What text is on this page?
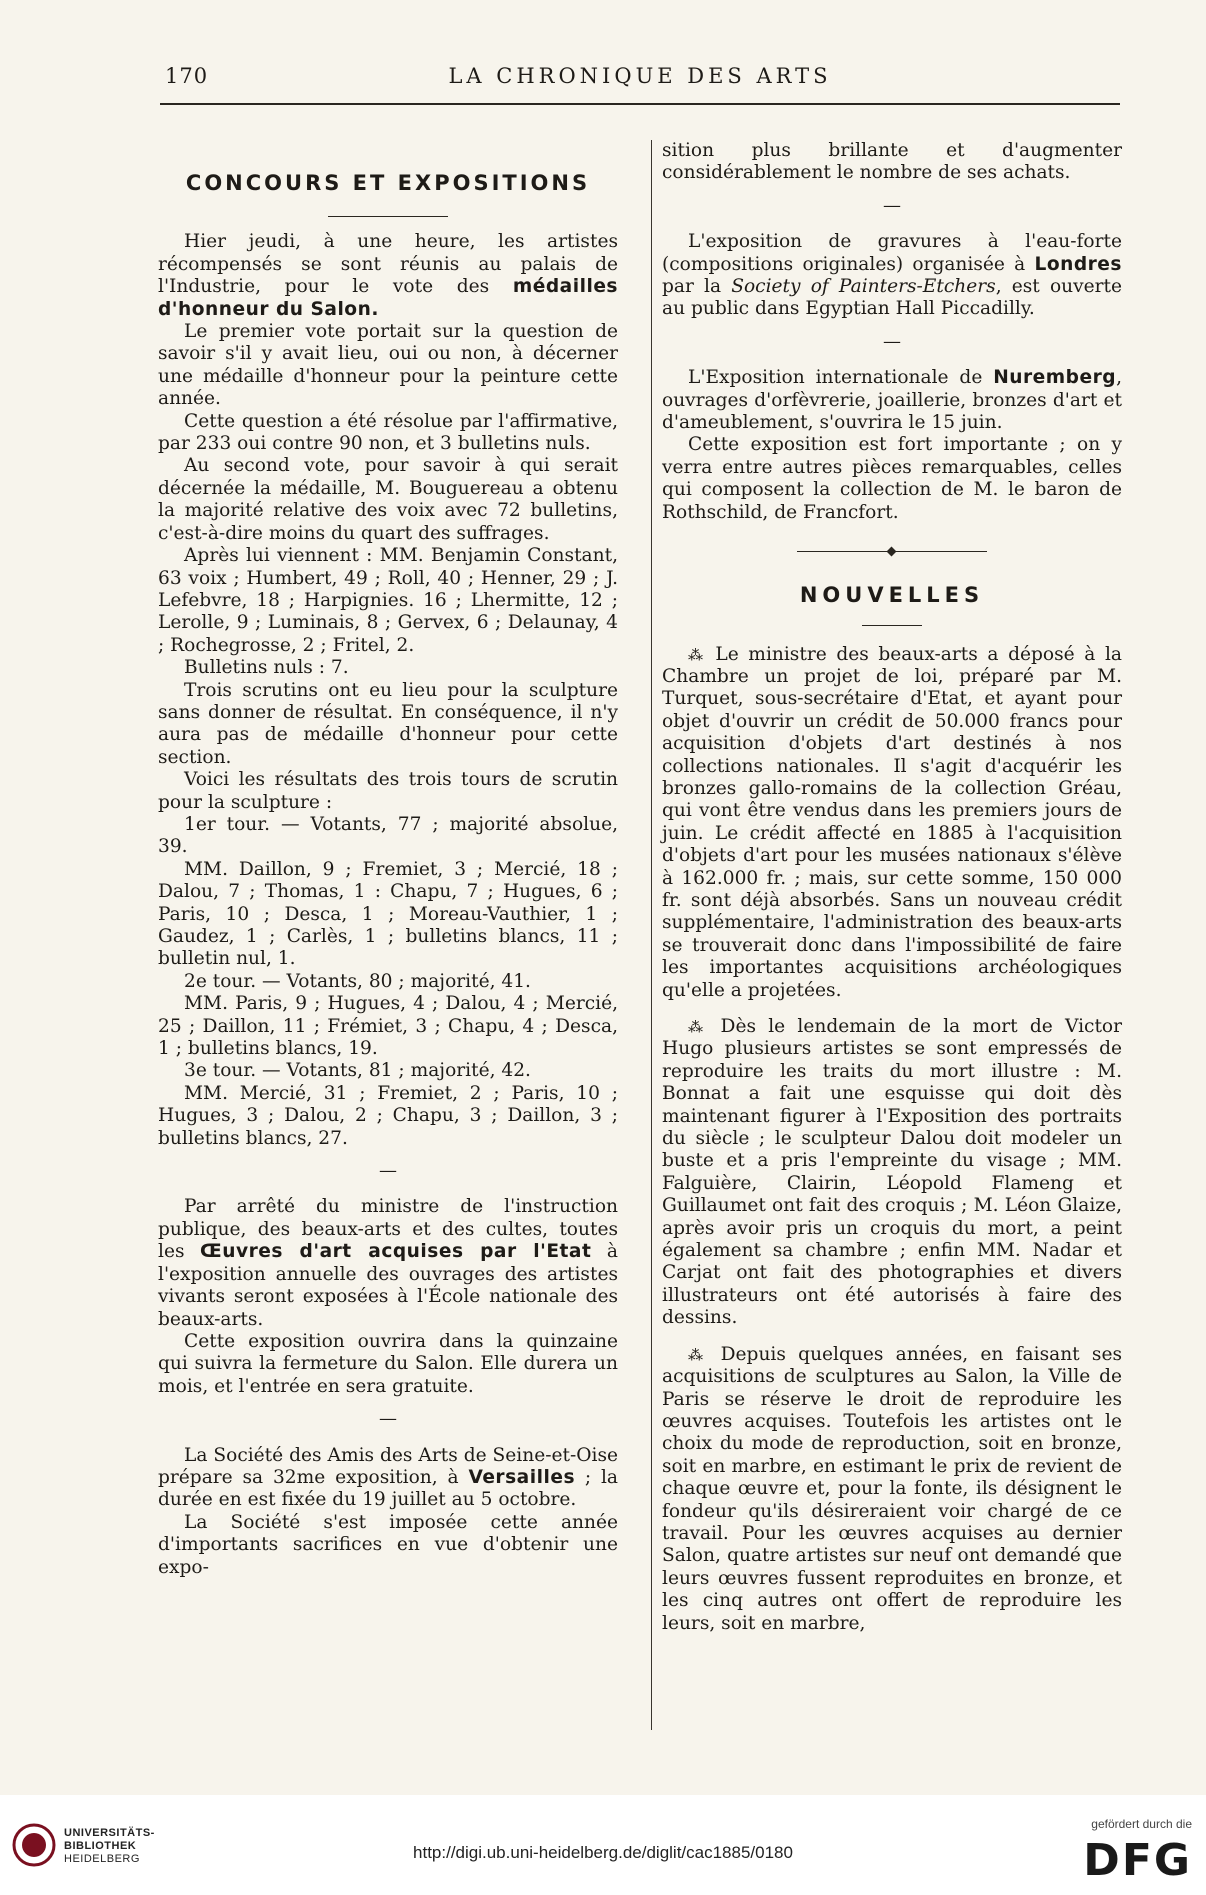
170	LA CHRONIQUE DES ARTS
CONCOURS ET EXPOSITIONS

Hier jeudi, à une heure, les artistes récompensés se sont réunis au palais de l'Industrie, pour le vote des médailles d'honneur du Salon.

Le premier vote portait sur la question de savoir s'il y avait lieu, oui ou non, à décerner une médaille d'honneur pour la peinture cette année.

Cette question a été résolue par l'affirmative, par 233 oui contre 90 non, et 3 bulletins nuls.

Au second vote, pour savoir à qui serait décernée la médaille, M. Bouguereau a obtenu la majorité relative des voix avec 72 bulletins, c'est-à-dire moins du quart des suffrages.

Après lui viennent : MM. Benjamin Constant, 63 voix ; Humbert, 49 ; Roll, 40 ; Henner, 29 ; J. Lefebvre, 18 ; Harpignies. 16 ; Lhermitte, 12 ; Lerolle, 9 ; Luminais, 8 ; Gervex, 6 ; Delaunay, 4 ; Rochegrosse, 2 ; Fritel, 2.

Bulletins nuls : 7.

Trois scrutins ont eu lieu pour la sculpture sans donner de résultat. En conséquence, il n'y aura pas de médaille d'honneur pour cette section.

Voici les résultats des trois tours de scrutin pour la sculpture :

1er tour. — Votants, 77 ; majorité absolue, 39.

MM. Daillon, 9 ; Fremiet, 3 ; Mercié, 18 ; Dalou, 7 ; Thomas, 1 : Chapu, 7 ; Hugues, 6 ; Paris, 10 ; Desca, 1 ; Moreau-Vauthier, 1 ; Gaudez, 1 ; Carlès, 1 ; bulletins blancs, 11 ; bulletin nul, 1.

2e tour. — Votants, 80 ; majorité, 41.

MM. Paris, 9 ; Hugues, 4 ; Dalou, 4 ; Mercié, 25 ; Daillon, 11 ; Frémiet, 3 ; Chapu, 4 ; Desca, 1 ; bulletins blancs, 19.

3e tour. — Votants, 81 ; majorité, 42.

MM. Mercié, 31 ; Fremiet, 2 ; Paris, 10 ; Hugues, 3 ; Dalou, 2 ; Chapu, 3 ; Daillon, 3 ; bulletins blancs, 27.

—

Par arrêté du ministre de l'instruction publique, des beaux-arts et des cultes, toutes les Œuvres d'art acquises par l'Etat à l'exposition annuelle des ouvrages des artistes vivants seront exposées à l'École nationale des beaux-arts.

Cette exposition ouvrira dans la quinzaine qui suivra la fermeture du Salon. Elle durera un mois, et l'entrée en sera gratuite.

—

La Société des Amis des Arts de Seine-et-Oise prépare sa 32me exposition, à Versailles ; la durée en est fixée du 19 juillet au 5 octobre.

La Société s'est imposée cette année d'importants sacrifices en vue d'obtenir une expo-

sition plus brillante et d'augmenter considérablement le nombre de ses achats.

—

L'exposition de gravures à l'eau-forte (compositions originales) organisée à Londres par la Society of Painters-Etchers, est ouverte au public dans Egyptian Hall Piccadilly.

—

L'Exposition internationale de Nuremberg, ouvrages d'orfèvrerie, joaillerie, bronzes d'art et d'ameublement, s'ouvrira le 15 juin.

Cette exposition est fort importante ; on y verra entre autres pièces remarquables, celles qui composent la collection de M. le baron de Rothschild, de Francfort.

NOUVELLES

⁂ Le ministre des beaux-arts a déposé à la Chambre un projet de loi, préparé par M. Turquet, sous-secrétaire d'Etat, et ayant pour objet d'ouvrir un crédit de 50.000 francs pour acquisition d'objets d'art destinés à nos collections nationales. Il s'agit d'acquérir les bronzes gallo-romains de la collection Gréau, qui vont être vendus dans les premiers jours de juin. Le crédit affecté en 1885 à l'acquisition d'objets d'art pour les musées nationaux s'élève à 162.000 fr. ; mais, sur cette somme, 150 000 fr. sont déjà absorbés. Sans un nouveau crédit supplémentaire, l'administration des beaux-arts se trouverait donc dans l'impossibilité de faire les importantes acquisitions archéologiques qu'elle a projetées.

⁂ Dès le lendemain de la mort de Victor Hugo plusieurs artistes se sont empressés de reproduire les traits du mort illustre : M. Bonnat a fait une esquisse qui doit dès maintenant figurer à l'Exposition des portraits du siècle ; le sculpteur Dalou doit modeler un buste et a pris l'empreinte du visage ; MM. Falguière, Clairin, Léopold Flameng et Guillaumet ont fait des croquis ; M. Léon Glaize, après avoir pris un croquis du mort, a peint également sa chambre ; enfin MM. Nadar et Carjat ont fait des photographies et divers illustrateurs ont été autorisés à faire des dessins.

⁂ Depuis quelques années, en faisant ses acquisitions de sculptures au Salon, la Ville de Paris se réserve le droit de reproduire les œuvres acquises. Toutefois les artistes ont le choix du mode de reproduction, soit en bronze, soit en marbre, en estimant le prix de revient de chaque œuvre et, pour la fonte, ils désignent le fondeur qu'ils désireraient voir chargé de ce travail. Pour les œuvres acquises au dernier Salon, quatre artistes sur neuf ont demandé que leurs œuvres fussent reproduites en bronze, et les cinq autres ont offert de reproduire les leurs, soit en marbre,

UNIVERSITÄTS-
BIBLIOTHEK
HEIDELBERG	http://digi.ub.uni-heidelberg.de/diglit/cac1885/0180
gefördert durch die
DFG
